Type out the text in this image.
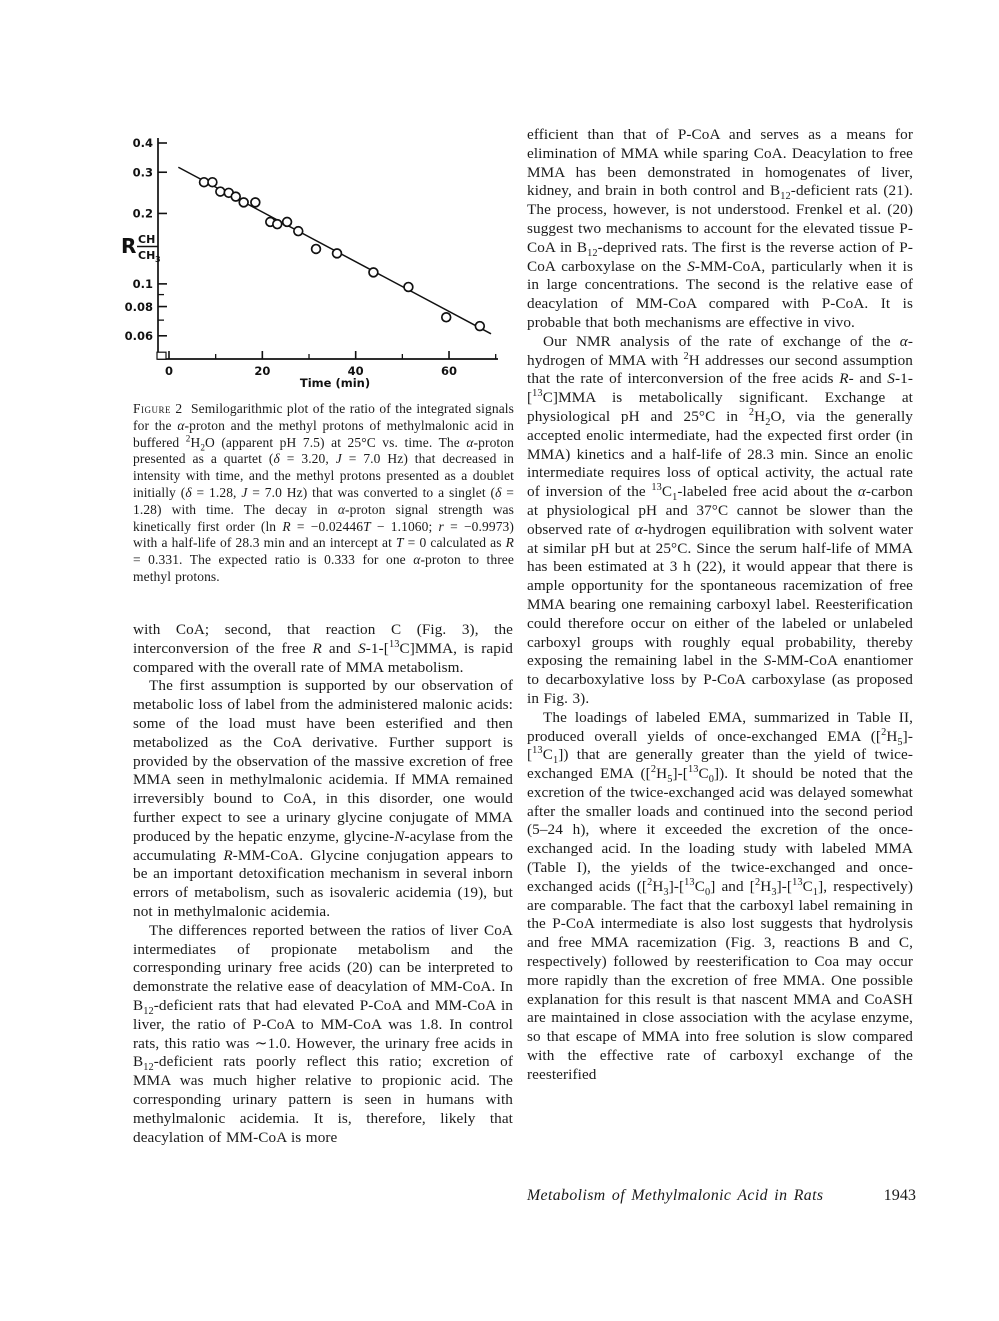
0.4
0.3
0.2
0.1
0.08
0.06
0	20	40	60
R CH
CH 3
Time (min)

Figure 2  Semilogarithmic plot of the ratio of the integrated signals for the α-proton and the methyl protons of methylmalonic acid in buffered $^2H_2O$ (apparent pH 7.5) at 25°C vs. time. The α-proton presented as a quartet (δ = 3.20, J = 7.0 Hz) that decreased in intensity with time, and the methyl protons presented as a doublet initially (δ = 1.28, J = 7.0 Hz) that was converted to a singlet (δ = 1.28) with time. The decay in α-proton signal strength was kinetically first order (ln R = −0.02446T − 1.1060; r = −0.9973) with a half-life of 28.3 min and an intercept at T = 0 calculated as R = 0.331. The expected ratio is 0.333 for one α-proton to three methyl protons.

with CoA; second, that reaction C (Fig. 3), the interconversion of the free R and S-1-[$^{13}$C]MMA, is rapid compared with the overall rate of MMA metabolism.

The first assumption is supported by our observation of metabolic loss of label from the administered malonic acids: some of the load must have been esterified and then metabolized as the CoA derivative. Further support is provided by the observation of the massive excretion of free MMA seen in methylmalonic acidemia. If MMA remained irreversibly bound to CoA, in this disorder, one would further expect to see a urinary glycine conjugate of MMA produced by the hepatic enzyme, glycine-N-acylase from the accumulating R-MM-CoA. Glycine conjugation appears to be an important detoxification mechanism in several inborn errors of metabolism, such as isovaleric acidemia (19), but not in methylmalonic acidemia.

The differences reported between the ratios of liver CoA intermediates of propionate metabolism and the corresponding urinary free acids (20) can be interpreted to demonstrate the relative ease of deacylation of MM-CoA. In $B_{12}$-deficient rats that had elevated P-CoA and MM-CoA in liver, the ratio of P-CoA to MM-CoA was 1.8. In control rats, this ratio was ∼1.0. However, the urinary free acids in $B_{12}$-deficient rats poorly reflect this ratio; excretion of MMA was much higher relative to propionic acid. The corresponding urinary pattern is seen in humans with methylmalonic acidemia. It is, therefore, likely that deacylation of MM-CoA is more

efficient than that of P-CoA and serves as a means for elimination of MMA while sparing CoA. Deacylation to free MMA has been demonstrated in homogenates of liver, kidney, and brain in both control and $B_{12}$-deficient rats (21). The process, however, is not understood. Frenkel et al. (20) suggest two mechanisms to account for the elevated tissue P-CoA in $B_{12}$-deprived rats. The first is the reverse action of P-CoA carboxylase on the S-MM-CoA, particularly when it is in large concentrations. The second is the relative ease of deacylation of MM-CoA compared with P-CoA. It is probable that both mechanisms are effective in vivo.

Our NMR analysis of the rate of exchange of the α-hydrogen of MMA with $^2$H addresses our second assumption that the rate of interconversion of the free acids R- and S-1-[$^{13}$C]MMA is metabolically significant. Exchange at physiological pH and 25°C in $^2H_2O$, via the generally accepted enolic intermediate, had the expected first order (in MMA) kinetics and a half-life of 28.3 min. Since an enolic intermediate requires loss of optical activity, the actual rate of inversion of the $^{13}C_1$-labeled free acid about the α-carbon at physiological pH and 37°C cannot be slower than the observed rate of α-hydrogen equilibration with solvent water at similar pH but at 25°C. Since the serum half-life of MMA has been estimated at 3 h (22), it would appear that there is ample opportunity for the spontaneous racemization of free MMA bearing one remaining carboxyl label. Reesterification could therefore occur on either of the labeled or unlabeled carboxyl groups with roughly equal probability, thereby exposing the remaining label in the S-MM-CoA enantiomer to decarboxylative loss by P-CoA carboxylase (as proposed in Fig. 3).

The loadings of labeled EMA, summarized in Table II, produced overall yields of once-exchanged EMA $([^2H_5]-[^{13}C_1])$ that are generally greater than the yield of twice-exchanged EMA $([^2H_5]-[^{13}C_0])$. It should be noted that the excretion of the twice-exchanged acid was delayed somewhat after the smaller loads and continued into the second period (5–24 h), where it exceeded the excretion of the once-exchanged acid. In the loading study with labeled MMA (Table I), the yields of the twice-exchanged and once-exchanged acids ($[^2H_3]-[^{13}C_0]$ and $[^2H_3]-[^{13}C_1]$, respectively) are comparable. The fact that the carboxyl label remaining in the P-CoA intermediate is also lost suggests that hydrolysis and free MMA racemization (Fig. 3, reactions B and C, respectively) followed by reesterification to Coa may occur more rapidly than the excretion of free MMA. One possible explanation for this result is that nascent MMA and CoASH are maintained in close association with the acylase enzyme, so that escape of MMA into free solution is slow compared with the effective rate of carboxyl exchange of the reesterified

Metabolism of Methylmalonic Acid in Rats	1943
